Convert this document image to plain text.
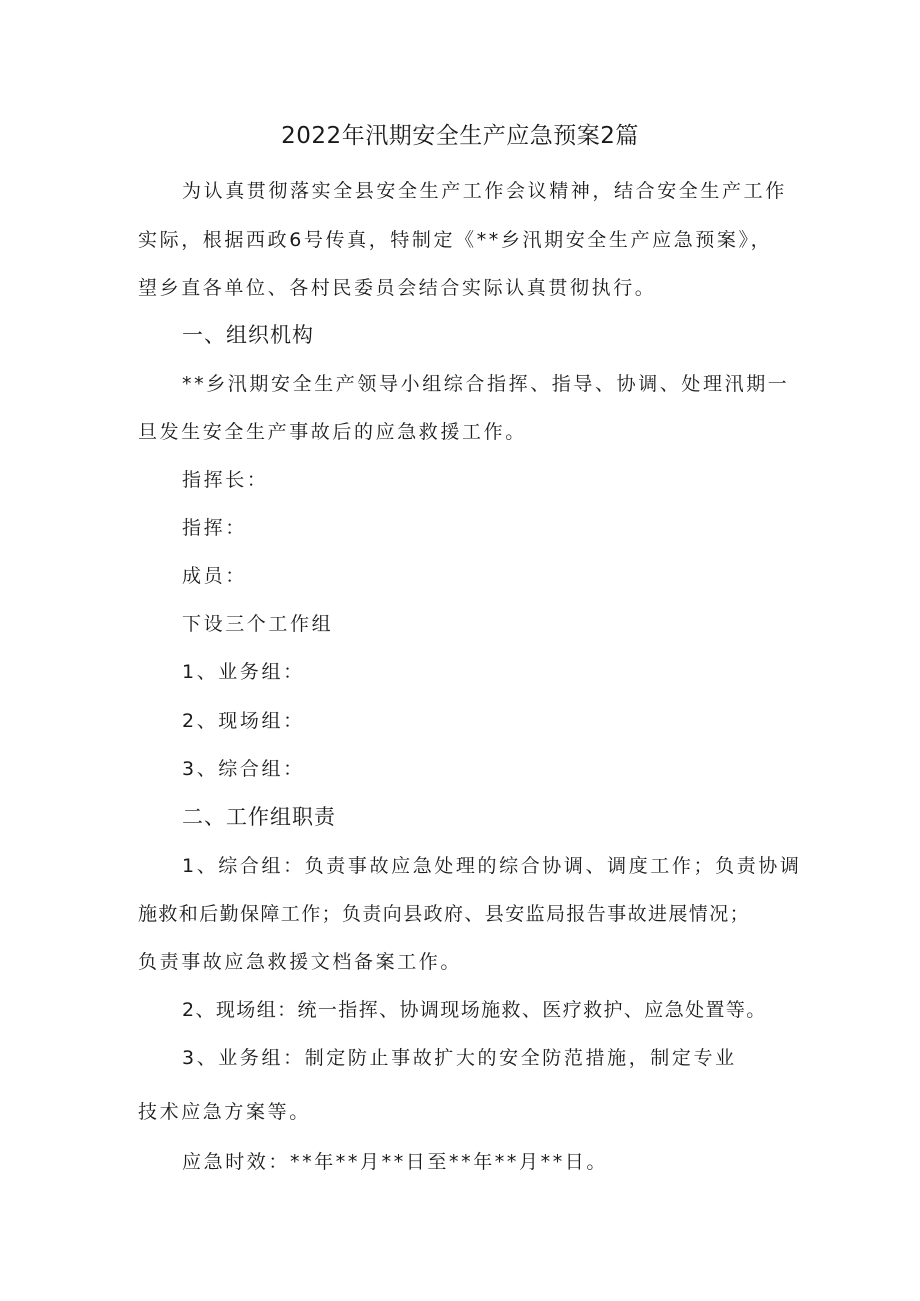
2022年汛期安全生产应急预案2篇
为认真贯彻落实全县安全生产工作会议精神，结合安全生产工作
实际，根据西政6号传真，特制定《**乡汛期安全生产应急预案》，
望乡直各单位、各村民委员会结合实际认真贯彻执行。
一、组织机构
**乡汛期安全生产领导小组综合指挥、指导、协调、处理汛期一
旦发生安全生产事故后的应急救援工作。
指挥长：
指挥：
成员：
下设三个工作组
1、业务组：
2、现场组：
3、综合组：
二、工作组职责
1、综合组：负责事故应急处理的综合协调、调度工作；负责协调
施救和后勤保障工作；负责向县政府、县安监局报告事故进展情况；
负责事故应急救援文档备案工作。
2、现场组：统一指挥、协调现场施救、医疗救护、应急处置等。
3、业务组：制定防止事故扩大的安全防范措施，制定专业
技术应急方案等。
应急时效：**年**月**日至**年**月**日。
